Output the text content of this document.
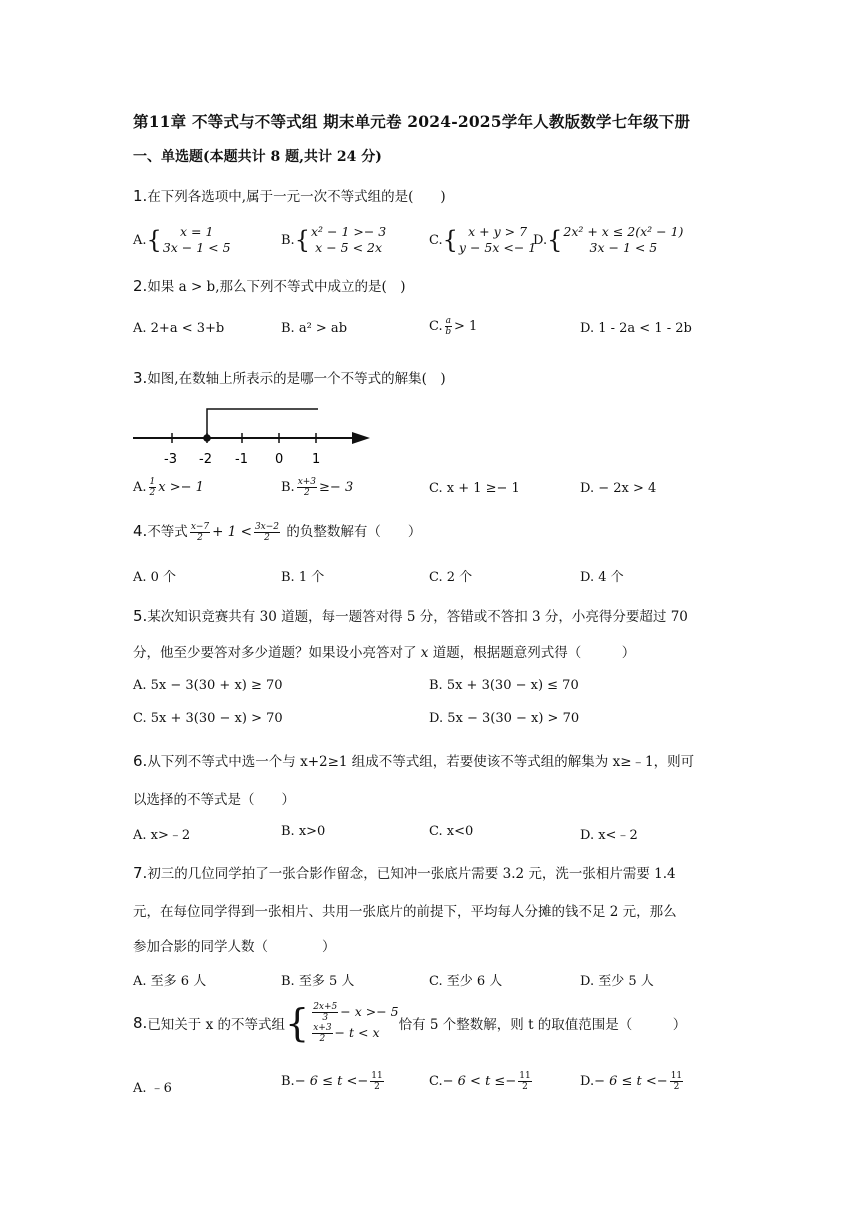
第11章 不等式与不等式组 期末单元卷 2024-2025学年人教版数学七年级下册
一、单选题(本题共计 8 题,共计 24 分)
1.在下列各选项中,属于一元一次不等式组的是(　　)
A. { x = 1
3x − 1 < 5	B. { x² − 1 >− 3
x − 5 < 2x	C. { x + y > 7
y − 5x <− 1
D. { 2x² + x ≤ 2(x² − 1)
3x − 1 < 5
2.如果 a > b,那么下列不等式中成立的是(　)
A. 2+a < 3+b	B. a² > ab	C. $\frac{a}{b} > 1$	D. 1 - 2a < 1 - 2b
3.如图,在数轴上所表示的是哪一个不等式的解集(　)
-3 -2 -1 0 1
A. $\frac{1}{2}$ x >− 1	B. $\frac{x+3}{2} \ge- 3$	C. x + 1 ≥− 1	D. − 2x > 4
4.不等式 $\frac{x-7}{2} + 1 < \frac{3x-2}{2}$ 的负整数解有（　　）
A. 0 个	B. 1 个	C. 2 个	D. 4 个
5.某次知识竞赛共有 30 道题，每一题答对得 5 分，答错或不答扣 3 分，小亮得分要超过 70
分，他至少要答对多少道题？如果设小亮答对了 x 道题，根据题意列式得（　　　）
A. 5x − 3(30 + x) ≥ 70	B. 5x + 3(30 − x) ≤ 70
C. 5x + 3(30 − x) > 70	D. 5x − 3(30 − x) > 70
6.从下列不等式中选一个与 x+2≥1 组成不等式组，若要使该不等式组的解集为 x≥﹣1，则可
以选择的不等式是（　　）
A. x>﹣2	B. x>0	C. x<0	D. x<﹣2
7.初三的几位同学拍了一张合影作留念，已知冲一张底片需要 3.2 元，洗一张相片需要 1.4
元，在每位同学得到一张相片、共用一张底片的前提下，平均每人分摊的钱不足 2 元，那么
参加合影的同学人数（　　　　）
A. 至多 6 人	B. 至多 5 人	C. 至少 6 人	D. 至少 5 人
8. 已知关于 x 的不等式组 { $\frac{2x+5}{3} - x >- 5$
$\frac{x+3}{2} - t < x$ 恰有 5 个整数解，则 t 的取值范围是（　　　）
A. ﹣6	$B.- 6 \le t <- \frac{11}{2}$	$C.- 6 < t \le- \frac{11}{2}$	$D.- 6 \le t <- \frac{11}{2}$
